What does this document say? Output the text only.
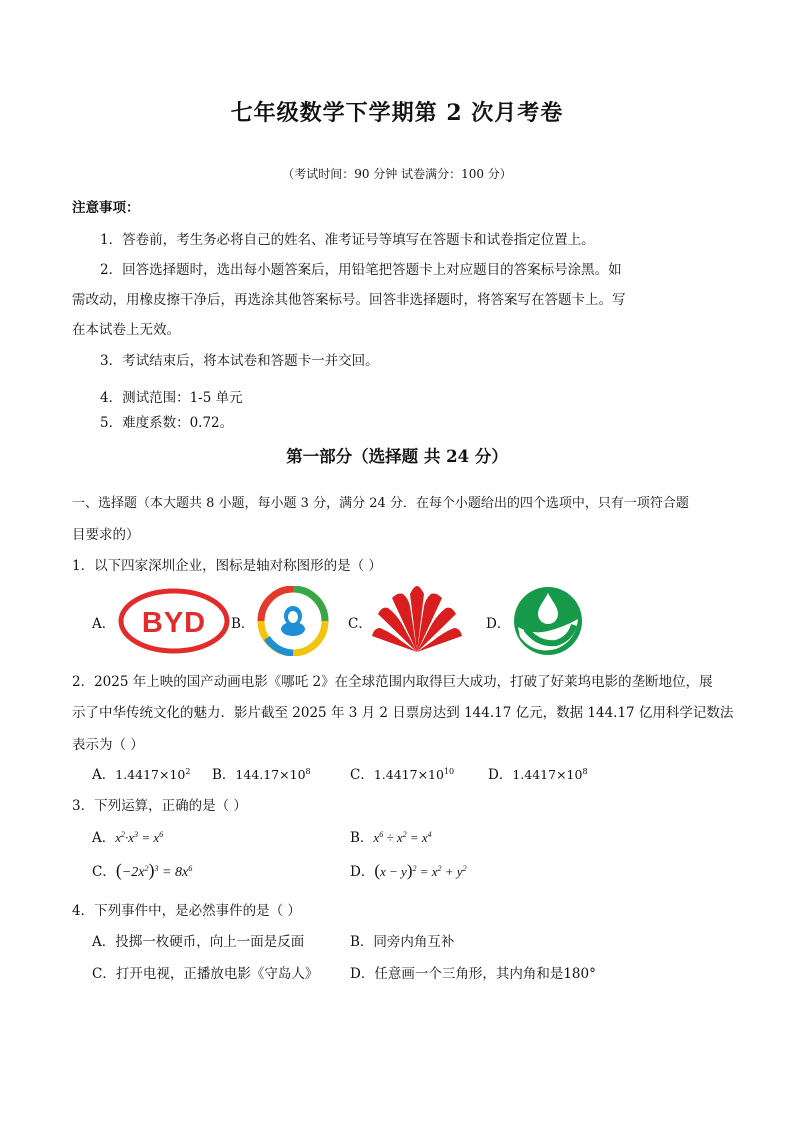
七年级数学下学期第 2 次月考卷
（考试时间：90 分钟 试卷满分：100 分）
注意事项：
1．答卷前，考生务必将自己的姓名、准考证号等填写在答题卡和试卷指定位置上。
2．回答选择题时，选出每小题答案后，用铅笔把答题卡上对应题目的答案标号涂黑。如
需改动，用橡皮擦干净后，再选涂其他答案标号。回答非选择题时，将答案写在答题卡上。写
在本试卷上无效。
3．考试结束后，将本试卷和答题卡一并交回。
4．测试范围：1-5 单元
5．难度系数：0.72。
第一部分（选择题 共 24 分）
一、选择题（本大题共 8 小题，每小题 3 分，满分 24 分．在每个小题给出的四个选项中，只有一项符合题
目要求的）
1．以下四家深圳企业，图标是轴对称图形的是（ ）
A． BYD B．	C．	D．
2．2025 年上映的国产动画电影《哪吒 2》在全球范围内取得巨大成功，打破了好莱坞电影的垄断地位，展
示了中华传统文化的魅力．影片截至 2025 年 3 月 2 日票房达到 144.17 亿元，数据 144.17 亿用科学记数法
表示为（ ）
A．$1.4417\times 10^2$ B．$144.17\times 10^8$	C．$1.4417\times 10^{10}$	D．$1.4417\times 10^8$
3．下列运算，正确的是（ ）
A．$x^2\cdot x^3 = x^6$	B．$x^6 \div x^2 = x^4$
C．$(-2x^2)^3 = 8x^6$	D．$(x - y)^2 = x^2 + y^2$
4．下列事件中，是必然事件的是（ ）
A．投掷一枚硬币，向上一面是反面	B．同旁内角互补
C．打开电视，正播放电影《守岛人》 D．任意画一个三角形，其内角和是180°
